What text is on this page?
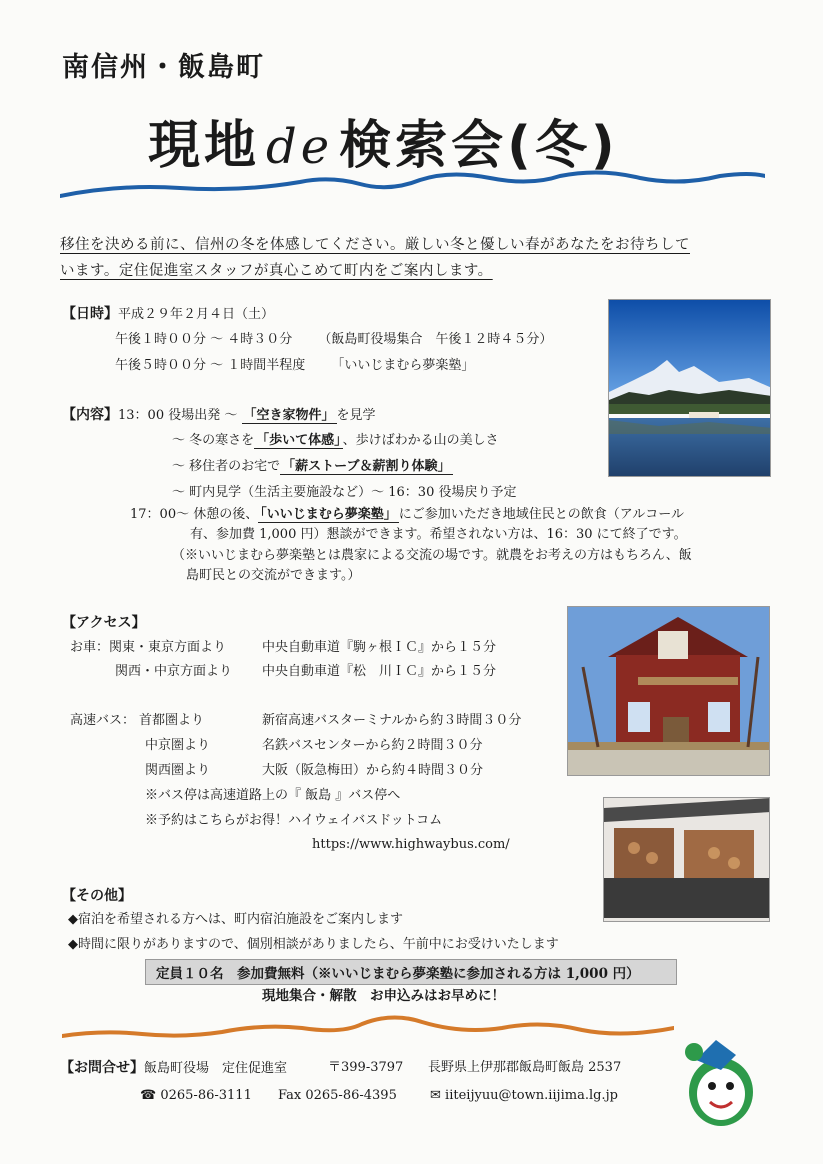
南信州・飯島町
現地 de 検索会(冬)
移住を決める前に、信州の冬を体感してください。厳しい冬と優しい春があなたをお待ちして
います。定住促進室スタッフが真心こめて町内をご案内します。
【日時】平成２９年２月４日（土）
午後１時００分 ～ ４時３０分 （飯島町役場集合　午後１２時４５分）
午後５時００分 ～ １時間半程度 「いいじまむら夢楽塾」
【内容】13：00 役場出発 ～ 「空き家物件」 を見学
～ 冬の寒さを 「歩いて体感」 、歩けばわかる山の美しさ
～ 移住者のお宅で 「薪ストーブ＆薪割り体験」
～ 町内見学（生活主要施設など）～ 16：30 役場戻り予定
17：00～ 休憩の後、 「いいじまむら夢楽塾」 にご参加いただき地域住民との飲食（アルコール
有、参加費 1,000 円）懇談ができます。希望されない方は、16：30 にて終了です。
（※いいじまむら夢楽塾とは農家による交流の場です。就農をお考えの方はもちろん、飯
島町民との交流ができます。）
【アクセス】
お車：関東・東京方面より	中央自動車道『駒ヶ根ＩＣ』から１５分
関西・中京方面より 中央自動車道『松　川ＩＣ』から１５分
高速バス： 首都圏より	新宿高速バスターミナルから約３時間３０分
中京圏より	名鉄バスセンターから約２時間３０分
関西圏より	大阪（阪急梅田）から約４時間３０分
※バス停は高速道路上の『 飯島 』バス停へ
※予約はこちらがお得！ハイウェイバスドットコム
https://www.highwaybus.com/
【その他】
◆宿泊を希望される方へは、町内宿泊施設をご案内します
◆時間に限りがありますので、個別相談がありましたら、午前中にお受けいたします
定員１０名　参加費無料（※いいじまむら夢楽塾に参加される方は 1,000 円）
現地集合・解散　お申込みはお早めに！
【お問合せ】飯島町役場　定住促進室	〒399-3797 長野県上伊那郡飯島町飯島 2537
☎ 0265-86-3111 Fax 0265-86-4395	✉ iiteijyuu@town.iijima.lg.jp
